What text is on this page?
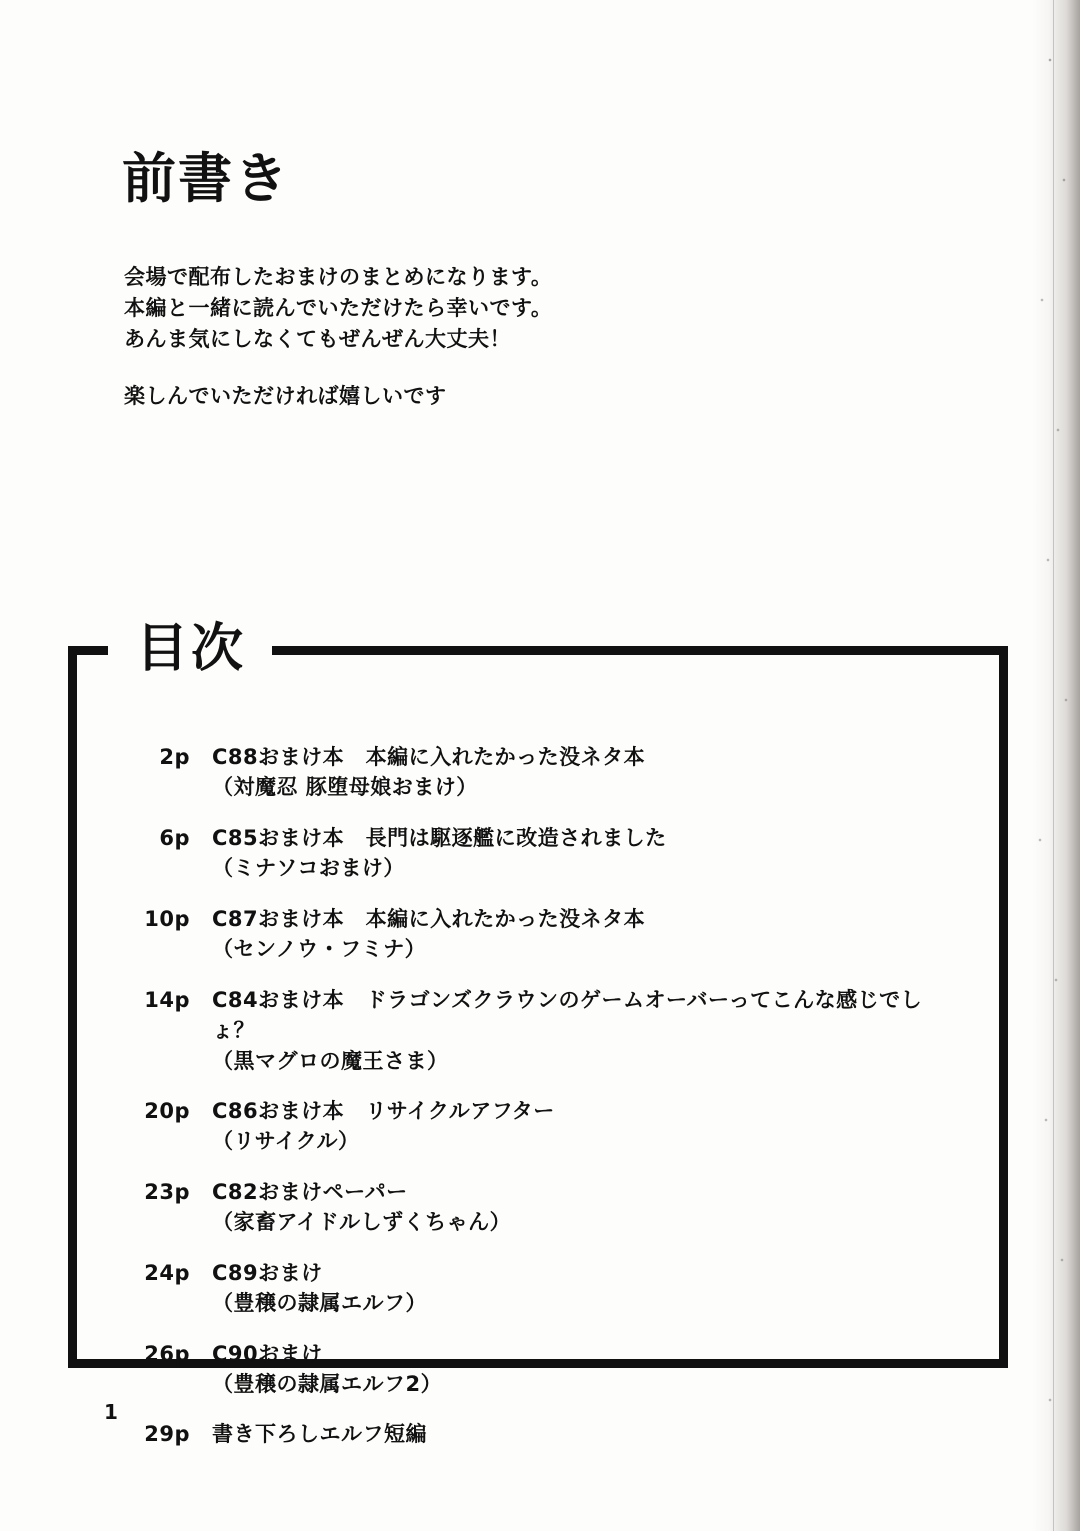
前書き

会場で配布したおまけのまとめになります。

本編と一緒に読んでいただけたら幸いです。

あんま気にしなくてもぜんぜん大丈夫！

楽しんでいただければ嬉しいです

目次
2p C88おまけ本　本編に入れたかった没ネタ本
（対魔忍 豚堕母娘おまけ）
6p C85おまけ本　長門は駆逐艦に改造されました
（ミナソコおまけ）
10p C87おまけ本　本編に入れたかった没ネタ本
（センノウ・フミナ）
14p C84おまけ本　ドラゴンズクラウンのゲームオーバーってこんな感じでしょ？
（黒マグロの魔王さま）
20p C86おまけ本　リサイクルアフター
（リサイクル）
23p C82おまけペーパー
（家畜アイドルしずくちゃん）
24p C89おまけ
（豊穣の隷属エルフ）
26p C90おまけ
（豊穣の隷属エルフ2）
29p 書き下ろしエルフ短編
1
